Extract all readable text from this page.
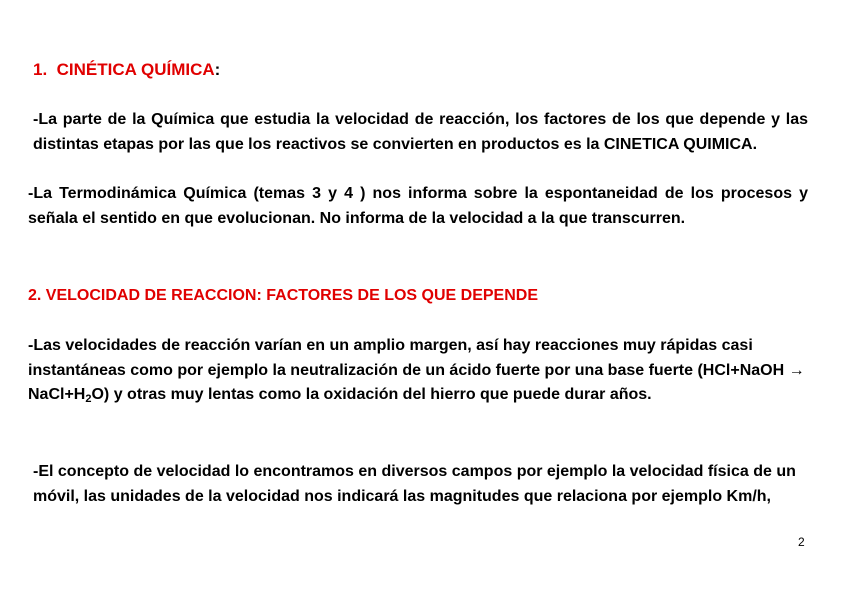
1. CINÉTICA QUÍMICA:
-La parte de la Química que estudia la velocidad de reacción, los factores de los que depende y las distintas etapas por las que los reactivos se convierten en productos es la CINETICA QUIMICA.
-La Termodinámica Química (temas 3 y 4 ) nos informa sobre la espontaneidad de los procesos y señala el sentido en que evolucionan. No informa de la velocidad a la que transcurren.
2. VELOCIDAD DE REACCION: FACTORES DE LOS QUE DEPENDE
-Las velocidades de reacción varían en un amplio margen, así hay reacciones muy rápidas casi instantáneas como por ejemplo la neutralización de un ácido fuerte por una base fuerte (HCl+NaOH → $NaCl+H_2O$) y otras muy lentas como la oxidación del hierro que puede durar años.
-El concepto de velocidad lo encontramos en diversos campos por ejemplo la velocidad física de un móvil, las unidades de la velocidad nos indicará las magnitudes que relaciona por ejemplo Km/h,
2
